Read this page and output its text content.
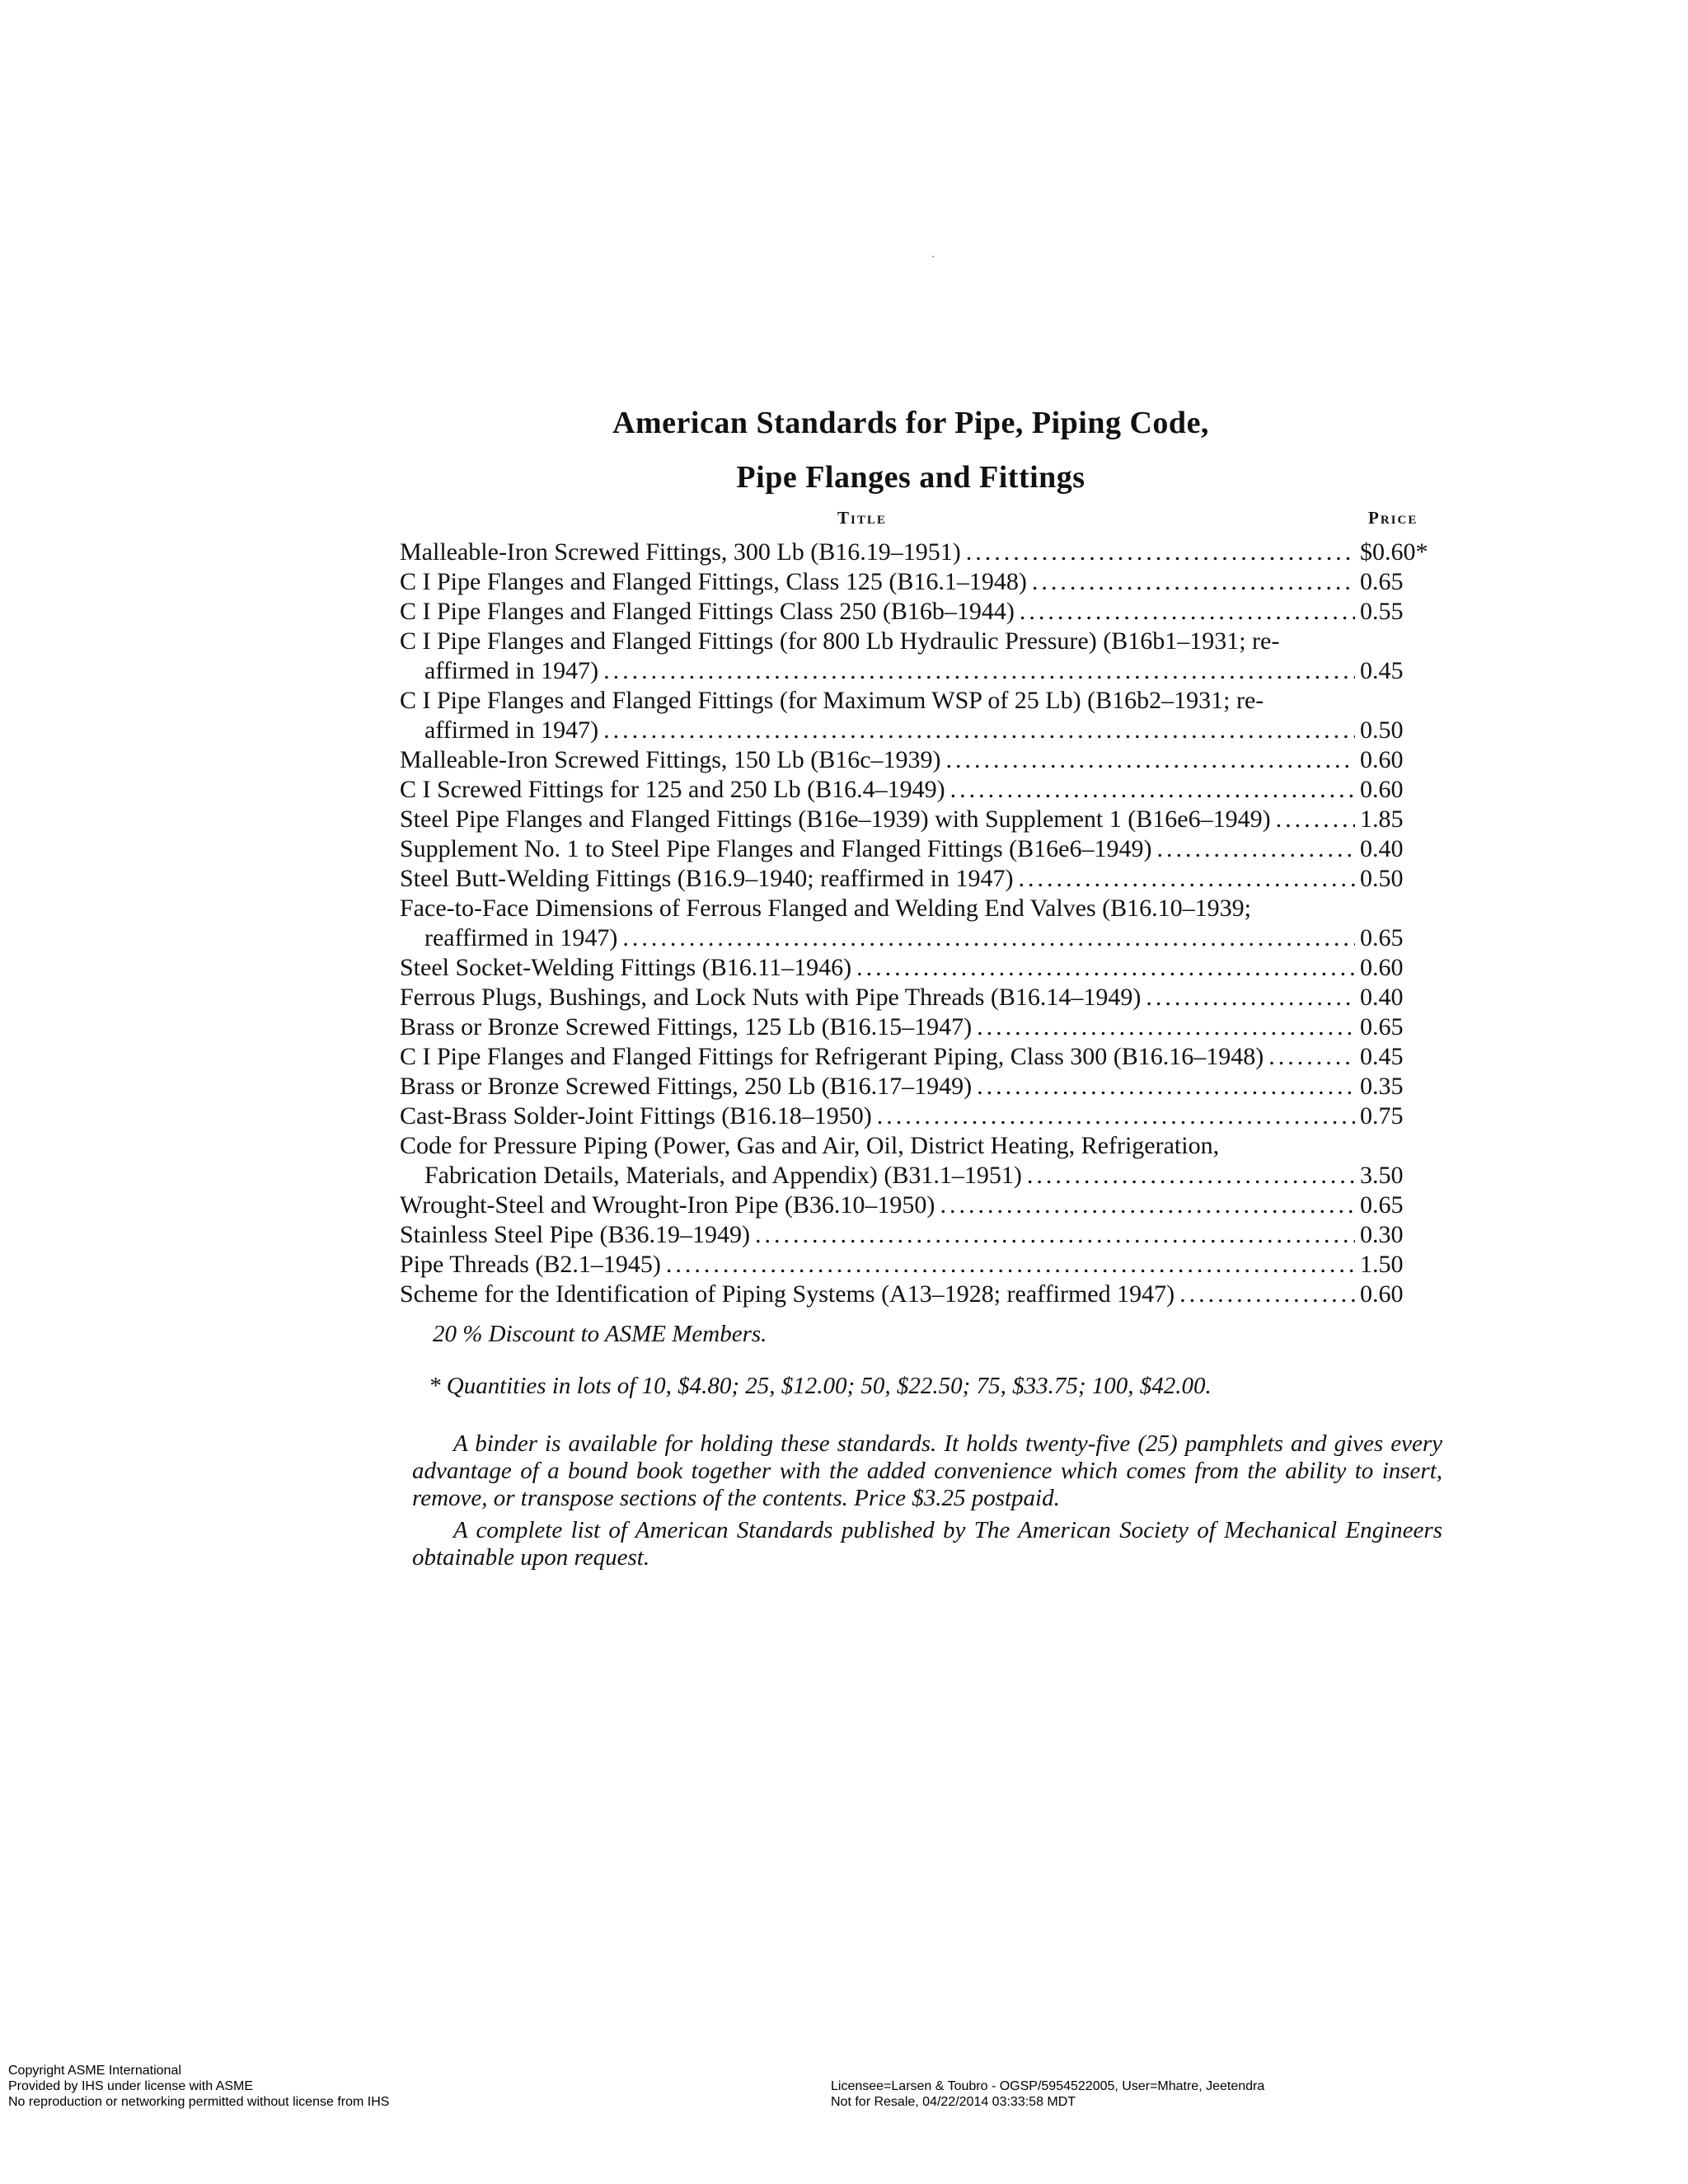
American Standards for Pipe, Piping Code,
Pipe Flanges and Fittings
Title	Price
Malleable-Iron Screwed Fittings, 300 Lb (B16.19–1951) .....	$0.60*
C I Pipe Flanges and Flanged Fittings, Class 125 (B16.1–1948) .....	0.65
C I Pipe Flanges and Flanged Fittings Class 250 (B16b–1944) .....	0.55
C I Pipe Flanges and Flanged Fittings (for 800 Lb Hydraulic Pressure) (B16b1–1931; re-
affirmed in 1947) .....	0.45
C I Pipe Flanges and Flanged Fittings (for Maximum WSP of 25 Lb) (B16b2–1931; re-
affirmed in 1947) .....	0.50
Malleable-Iron Screwed Fittings, 150 Lb (B16c–1939) .....	0.60
C I Screwed Fittings for 125 and 250 Lb (B16.4–1949) .....	0.60
Steel Pipe Flanges and Flanged Fittings (B16e–1939) with Supplement 1 (B16e6–1949) .....	1.85
Supplement No. 1 to Steel Pipe Flanges and Flanged Fittings (B16e6–1949) .....	0.40
Steel Butt-Welding Fittings (B16.9–1940; reaffirmed in 1947) .....	0.50
Face-to-Face Dimensions of Ferrous Flanged and Welding End Valves (B16.10–1939;
reaffirmed in 1947) .....	0.65
Steel Socket-Welding Fittings (B16.11–1946) .....	0.60
Ferrous Plugs, Bushings, and Lock Nuts with Pipe Threads (B16.14–1949) .....	0.40
Brass or Bronze Screwed Fittings, 125 Lb (B16.15–1947) .....	0.65
C I Pipe Flanges and Flanged Fittings for Refrigerant Piping, Class 300 (B16.16–1948) .....	0.45
Brass or Bronze Screwed Fittings, 250 Lb (B16.17–1949) .....	0.35
Cast-Brass Solder-Joint Fittings (B16.18–1950) .....	0.75
Code for Pressure Piping (Power, Gas and Air, Oil, District Heating, Refrigeration,
Fabrication Details, Materials, and Appendix) (B31.1–1951) .....	3.50
Wrought-Steel and Wrought-Iron Pipe (B36.10–1950) .....	0.65
Stainless Steel Pipe (B36.19–1949) .....	0.30
Pipe Threads (B2.1–1945) .....	1.50
Scheme for the Identification of Piping Systems (A13–1928; reaffirmed 1947) .....	0.60
20 % Discount to ASME Members.
* Quantities in lots of 10, $4.80; 25, $12.00; 50, $22.50; 75, $33.75; 100, $42.00.
A binder is available for holding these standards. It holds twenty-five (25) pamphlets and gives every advantage of a bound book together with the added convenience which comes from the ability to insert, remove, or transpose sections of the contents. Price $3.25 postpaid.
A complete list of American Standards published by The American Society of Mechanical Engineers obtainable upon request.
·
Copyright ASME International
Provided by IHS under license with ASME
No reproduction or networking permitted without license from IHS
Licensee=Larsen & Toubro - OGSP/5954522005, User=Mhatre, Jeetendra
Not for Resale, 04/22/2014 03:33:58 MDT
